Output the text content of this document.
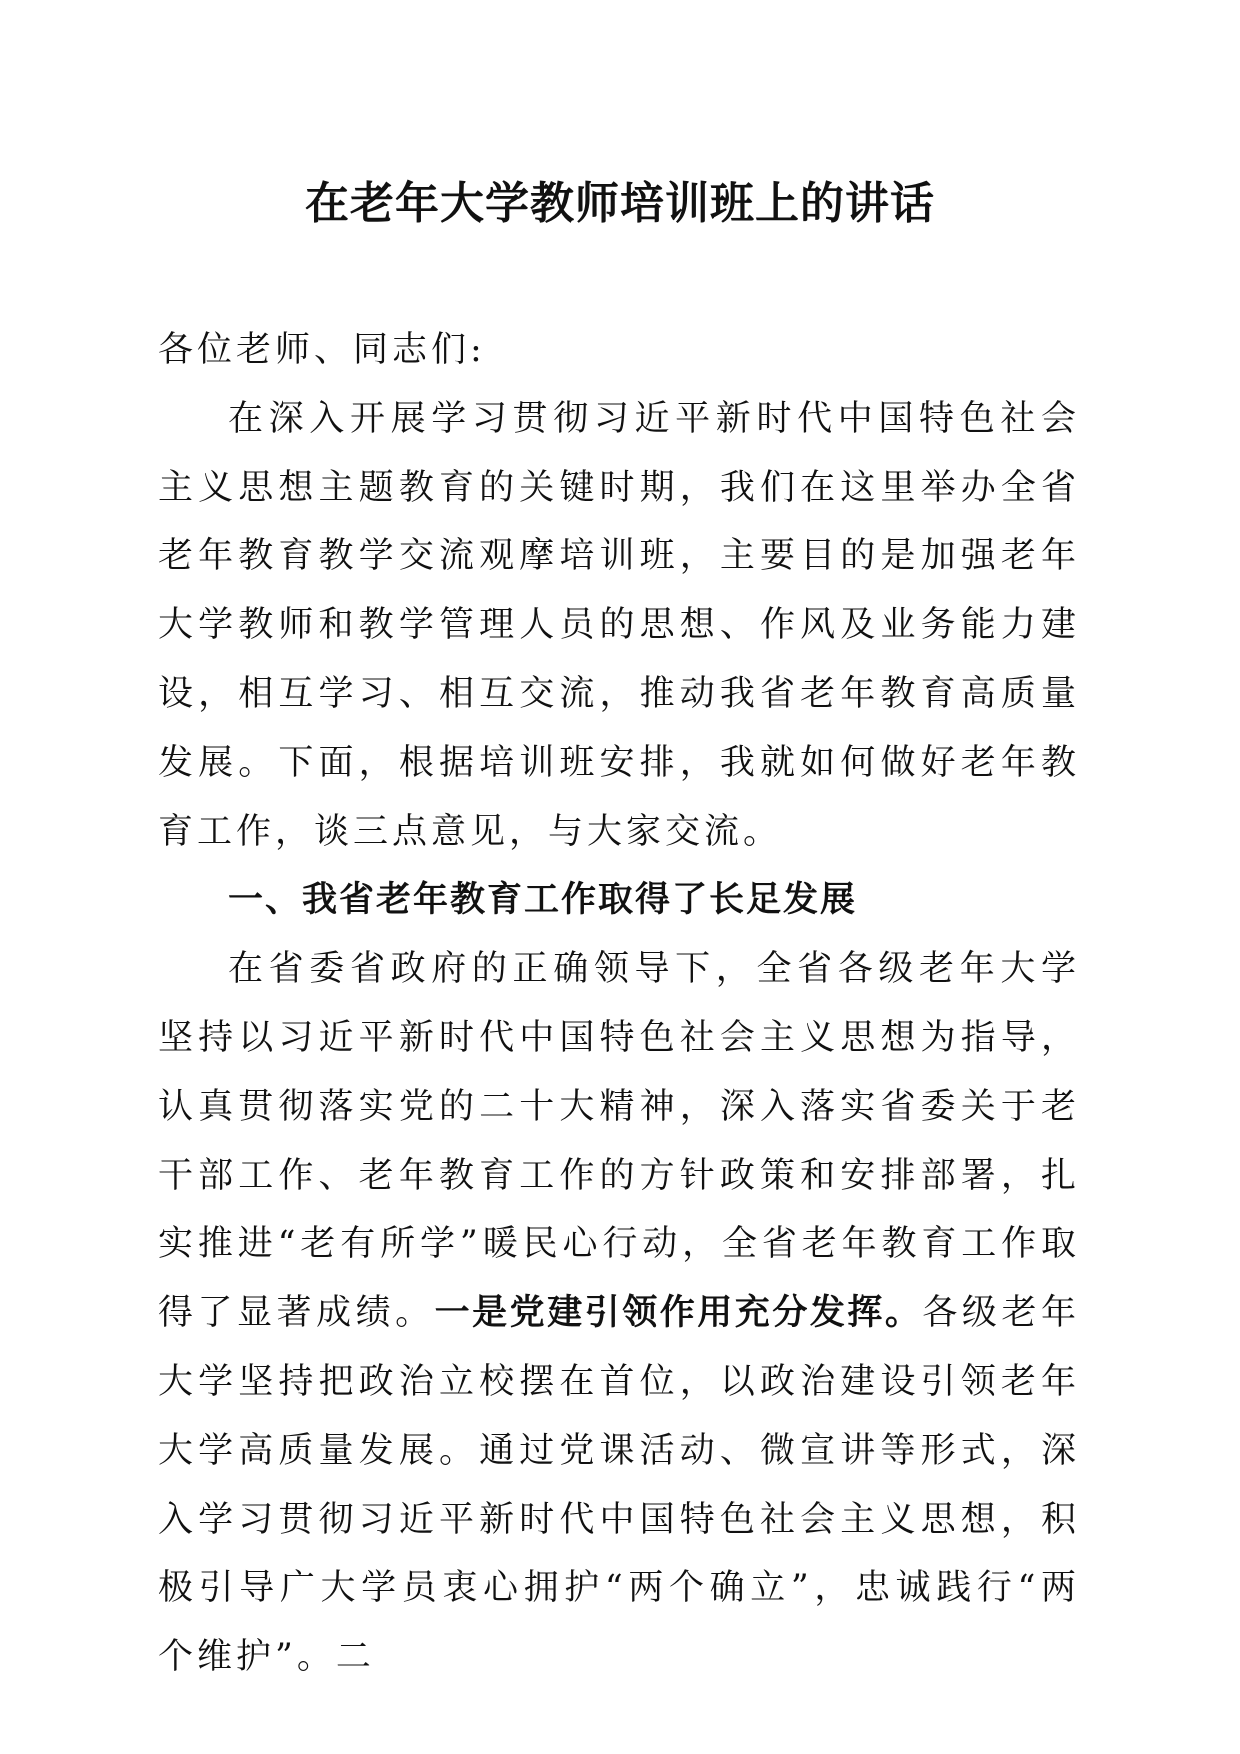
在老年大学教师培训班上的讲话

各位老师、同志们:

在深入开展学习贯彻习近平新时代中国特色社会主义思想主题教育的关键时期，我们在这里举办全省老年教育教学交流观摩培训班，主要目的是加强老年大学教师和教学管理人员的思想、作风及业务能力建设，相互学习、相互交流，推动我省老年教育高质量发展。下面，根据培训班安排，我就如何做好老年教育工作，谈三点意见，与大家交流。

一、我省老年教育工作取得了长足发展

在省委省政府的正确领导下，全省各级老年大学坚持以习近平新时代中国特色社会主义思想为指导，认真贯彻落实党的二十大精神，深入落实省委关于老干部工作、老年教育工作的方针政策和安排部署，扎实推进“老有所学”暖民心行动，全省老年教育工作取得了显著成绩。一是党建引领作用充分发挥。各级老年大学坚持把政治立校摆在首位，以政治建设引领老年大学高质量发展。通过党课活动、微宣讲等形式，深入学习贯彻习近平新时代中国特色社会主义思想，积极引导广大学员衷心拥护“两个确立”，忠诚践行“两个维护”。二
